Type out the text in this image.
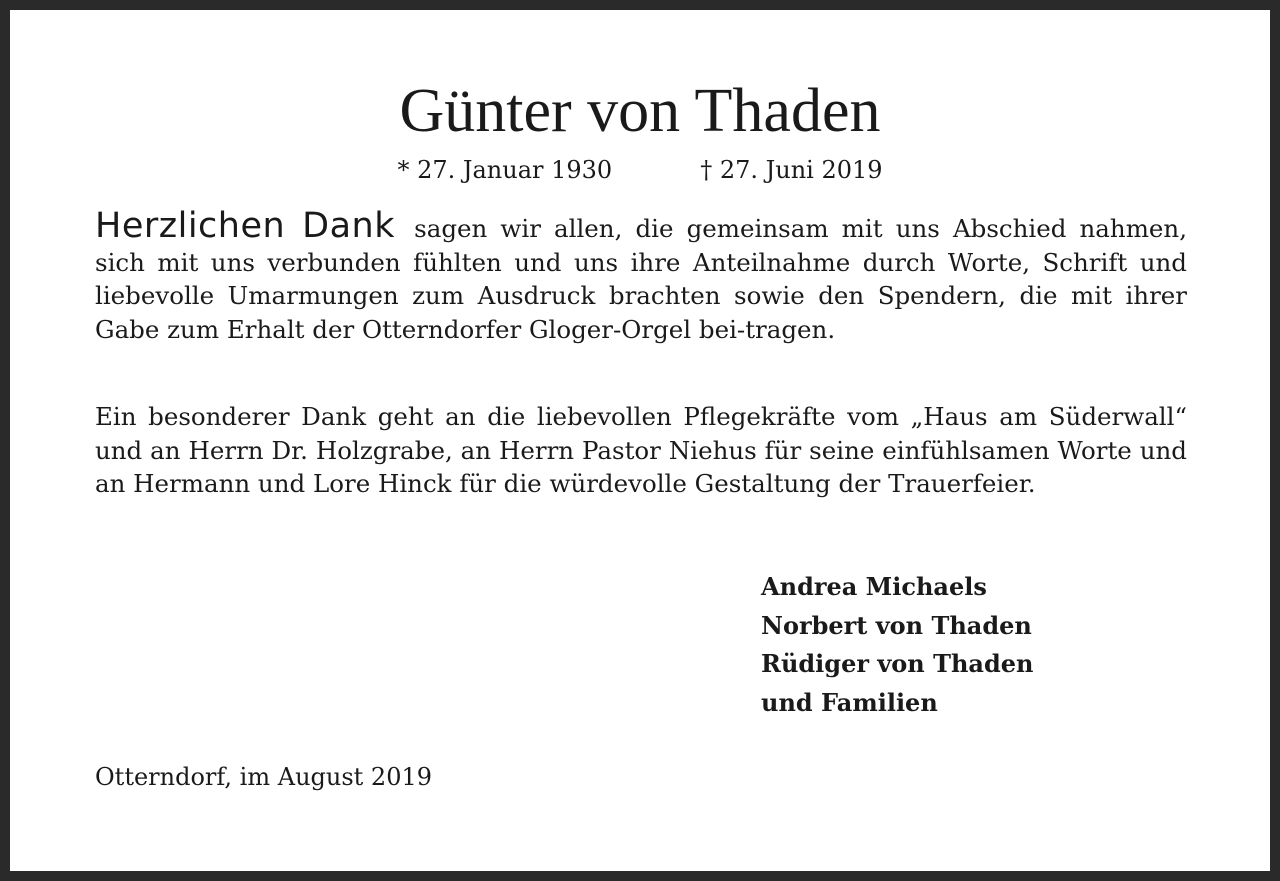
Günter von Thaden
* 27. Januar 1930	† 27. Juni 2019
Herzlichen Dank sagen wir allen, die gemeinsam mit uns Abschied nahmen, sich mit uns verbunden fühlten und uns ihre Anteilnahme durch Worte, Schrift und liebevolle Umarmungen zum Ausdruck brachten sowie den Spendern, die mit ihrer Gabe zum Erhalt der Otterndorfer Gloger-Orgel bei-tragen.
Ein besonderer Dank geht an die liebevollen Pflegekräfte vom „Haus am Süderwall“ und an Herrn Dr. Holzgrabe, an Herrn Pastor Niehus für seine einfühlsamen Worte und an Hermann und Lore Hinck für die würdevolle Gestaltung der Trauerfeier.
Andrea Michaels
Norbert von Thaden
Rüdiger von Thaden
und Familien
Otterndorf, im August 2019
